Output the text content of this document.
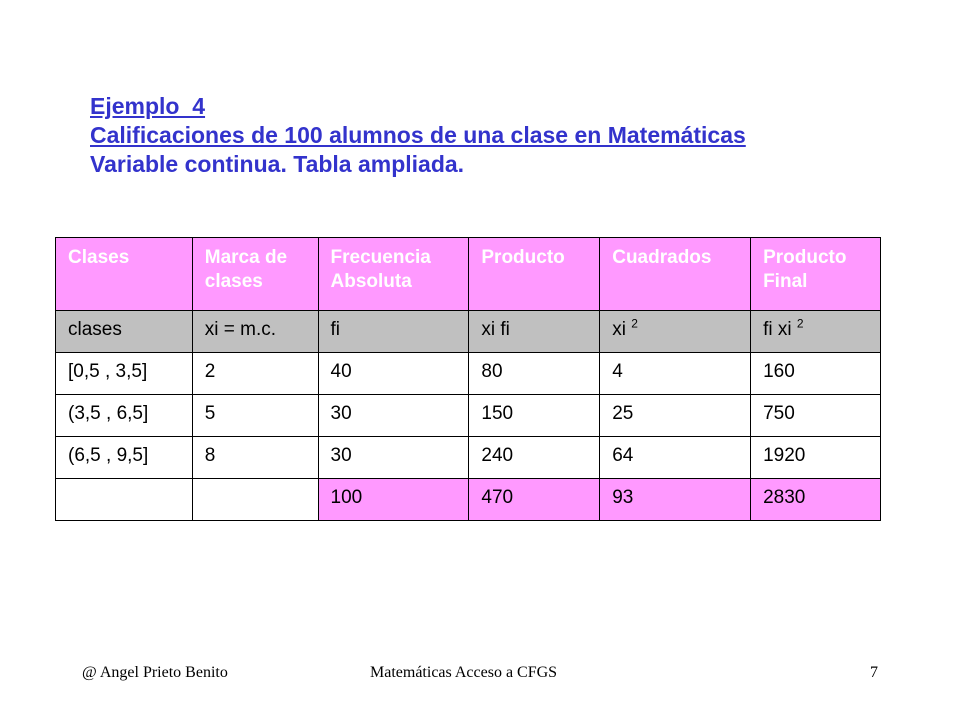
Ejemplo_4
Calificaciones de 100 alumnos de una clase en Matemáticas
Variable continua. Tabla ampliada.
Clases	Marca de clases	Frecuencia Absoluta	Producto	Cuadrados	Producto Final
clases	xi = m.c.	fi	xi fi	xi $^2$	fi xi $^2$
[0,5 , 3,5]	2	40	80	4	160
(3,5 , 6,5]	5	30	150	25	750
(6,5 , 9,5]	8	30	240	64	1920
		100	470	93	2830
@ Angel Prieto Benito	Matemáticas Acceso a CFGS	7
